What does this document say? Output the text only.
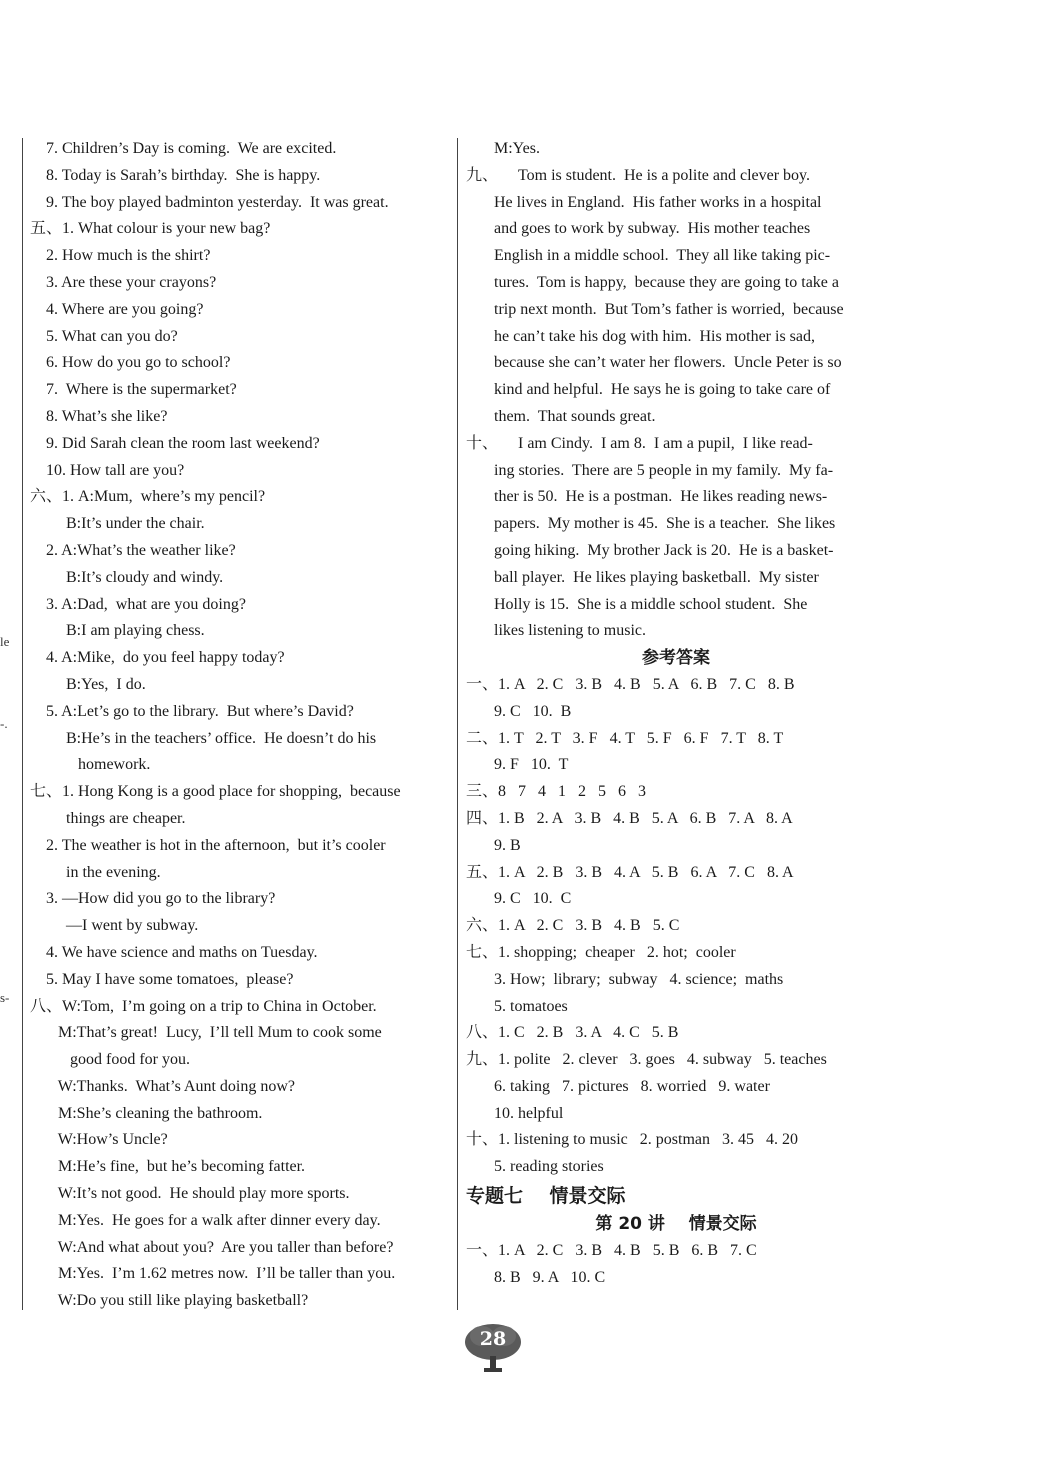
le
-.
s-
7. Children’s Day is coming.  We are excited.
8. Today is Sarah’s birthday.  She is happy.
9. The boy played badminton yesterday.  It was great.
五、1. What colour is your new bag?
2. How much is the shirt?
3. Are these your crayons?
4. Where are you going?
5. What can you do?
6. How do you go to school?
7.  Where is the supermarket?
8. What’s she like?
9. Did Sarah clean the room last weekend?
10. How tall are you?
六、1. A:Mum,  where’s my pencil?
B:It’s under the chair.
2. A:What’s the weather like?
B:It’s cloudy and windy.
3. A:Dad,  what are you doing?
B:I am playing chess.
4. A:Mike,  do you feel happy today?
B:Yes,  I do.
5. A:Let’s go to the library.  But where’s David?
B:He’s in the teachers’ office.  He doesn’t do his
homework.
七、1. Hong Kong is a good place for shopping,  because
things are cheaper.
2. The weather is hot in the afternoon,  but it’s cooler
in the evening.
3. —How did you go to the library?
—I went by subway.
4. We have science and maths on Tuesday.
5. May I have some tomatoes,  please?
八、W:Tom,  I’m going on a trip to China in October.
M:That’s great!  Lucy,  I’ll tell Mum to cook some
good food for you.
W:Thanks.  What’s Aunt doing now?
M:She’s cleaning the bathroom.
W:How’s Uncle?
M:He’s fine,  but he’s becoming fatter.
W:It’s not good.  He should play more sports.
M:Yes.  He goes for a walk after dinner every day.
W:And what about you?  Are you taller than before?
M:Yes.  I’m 1.62 metres now.  I’ll be taller than you.
W:Do you still like playing basketball?
M:Yes.
九、     Tom is student.  He is a polite and clever boy.
He lives in England.  His father works in a hospital
and goes to work by subway.  His mother teaches
English in a middle school.  They all like taking pic-
tures.  Tom is happy,  because they are going to take a
trip next month.  But Tom’s father is worried,  because
he can’t take his dog with him.  His mother is sad,
because she can’t water her flowers.  Uncle Peter is so
kind and helpful.  He says he is going to take care of
them.  That sounds great.
十、     I am Cindy.  I am 8.  I am a pupil,  I like read-
ing stories.  There are 5 people in my family.  My fa-
ther is 50.  He is a postman.  He likes reading news-
papers.  My mother is 45.  She is a teacher.  She likes
going hiking.  My brother Jack is 20.  He is a basket-
ball player.  He likes playing basketball.  My sister
Holly is 15.  She is a middle school student.  She
likes listening to music.
参考答案
一、1. A   2. C   3. B   4. B   5. A   6. B   7. C   8. B
9. C   10.  B
二、1. T   2. T   3. F   4. T   5. F   6. F   7. T   8. T
9. F   10.  T
三、8   7   4   1   2   5   6   3
四、1. B   2. A   3. B   4. B   5. A   6. B   7. A   8. A
9. B
五、1. A   2. B   3. B   4. A   5. B   6. A   7. C   8. A
9. C   10.  C
六、1. A   2. C   3. B   4. B   5. C
七、1. shopping;  cheaper   2. hot;  cooler
3. How;  library;  subway   4. science;  maths
5. tomatoes
八、1. C   2. B   3. A   4. C   5. B
九、1. polite   2. clever   3. goes   4. subway   5. teaches
6. taking   7. pictures   8. worried   9. water
10. helpful
十、1. listening to music   2. postman   3. 45   4. 20
5. reading stories
专题七    情景交际
第 20 讲    情景交际
一、1. A   2. C   3. B   4. B   5. B   6. B   7. C
8. B   9. A   10. C
28
